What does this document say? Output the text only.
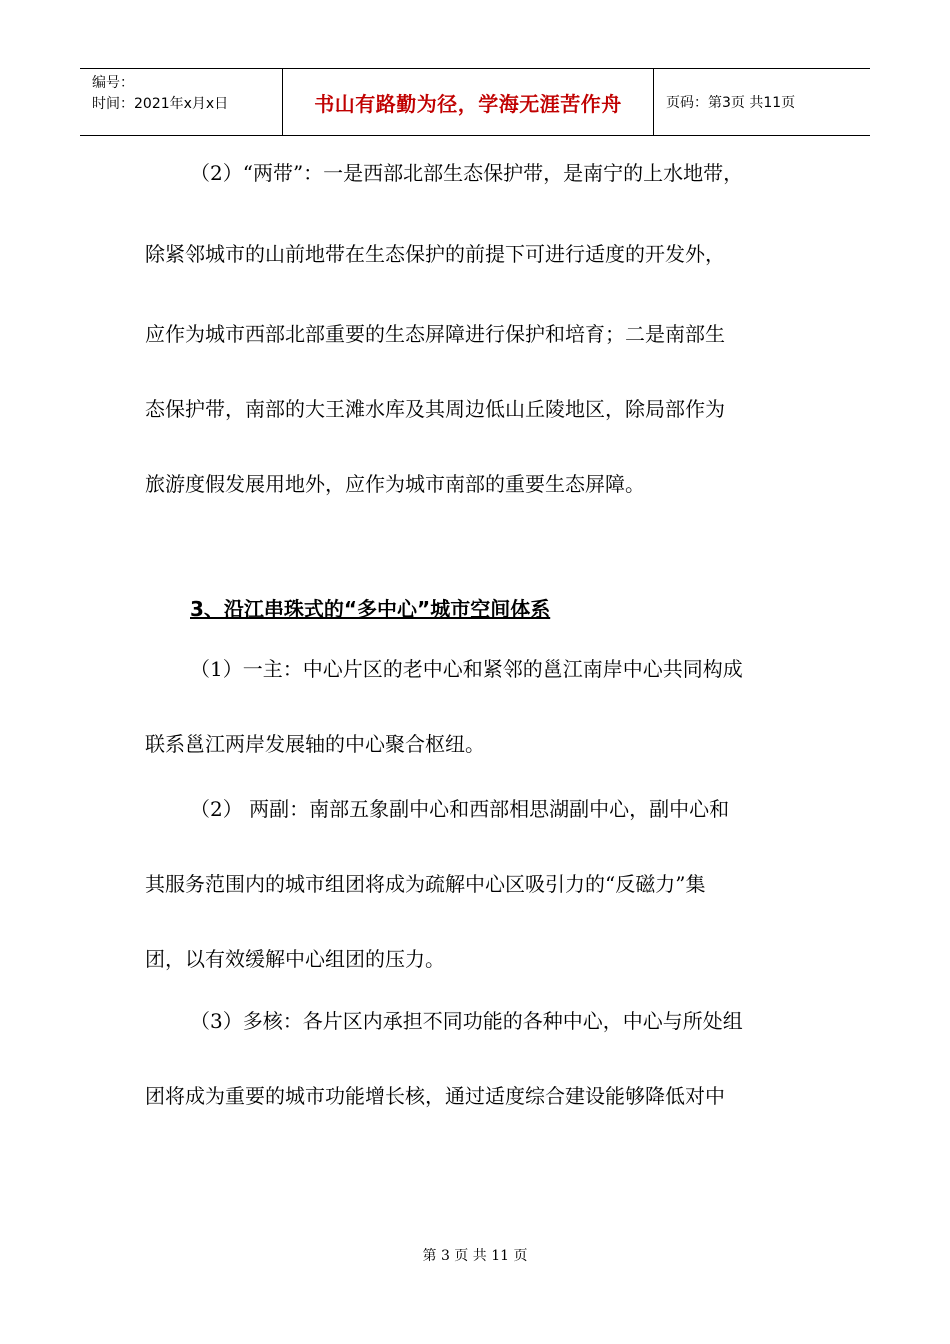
编号：
时间：2021年x月x日	书山有路勤为径，学海无涯苦作舟	页码：第3页 共11页
（2）“两带”：一是西部北部生态保护带，是南宁的上水地带，
除紧邻城市的山前地带在生态保护的前提下可进行适度的开发外，
应作为城市西部北部重要的生态屏障进行保护和培育；二是南部生
态保护带，南部的大王滩水库及其周边低山丘陵地区，除局部作为
旅游度假发展用地外，应作为城市南部的重要生态屏障。
3、沿江串珠式的“多中心”城市空间体系
（1）一主：中心片区的老中心和紧邻的邕江南岸中心共同构成
联系邕江两岸发展轴的中心聚合枢纽。
（2） 两副：南部五象副中心和西部相思湖副中心，副中心和
其服务范围内的城市组团将成为疏解中心区吸引力的“反磁力”集
团，以有效缓解中心组团的压力。
（3）多核：各片区内承担不同功能的各种中心，中心与所处组
团将成为重要的城市功能增长核，通过适度综合建设能够降低对中
第 3 页 共 11 页
